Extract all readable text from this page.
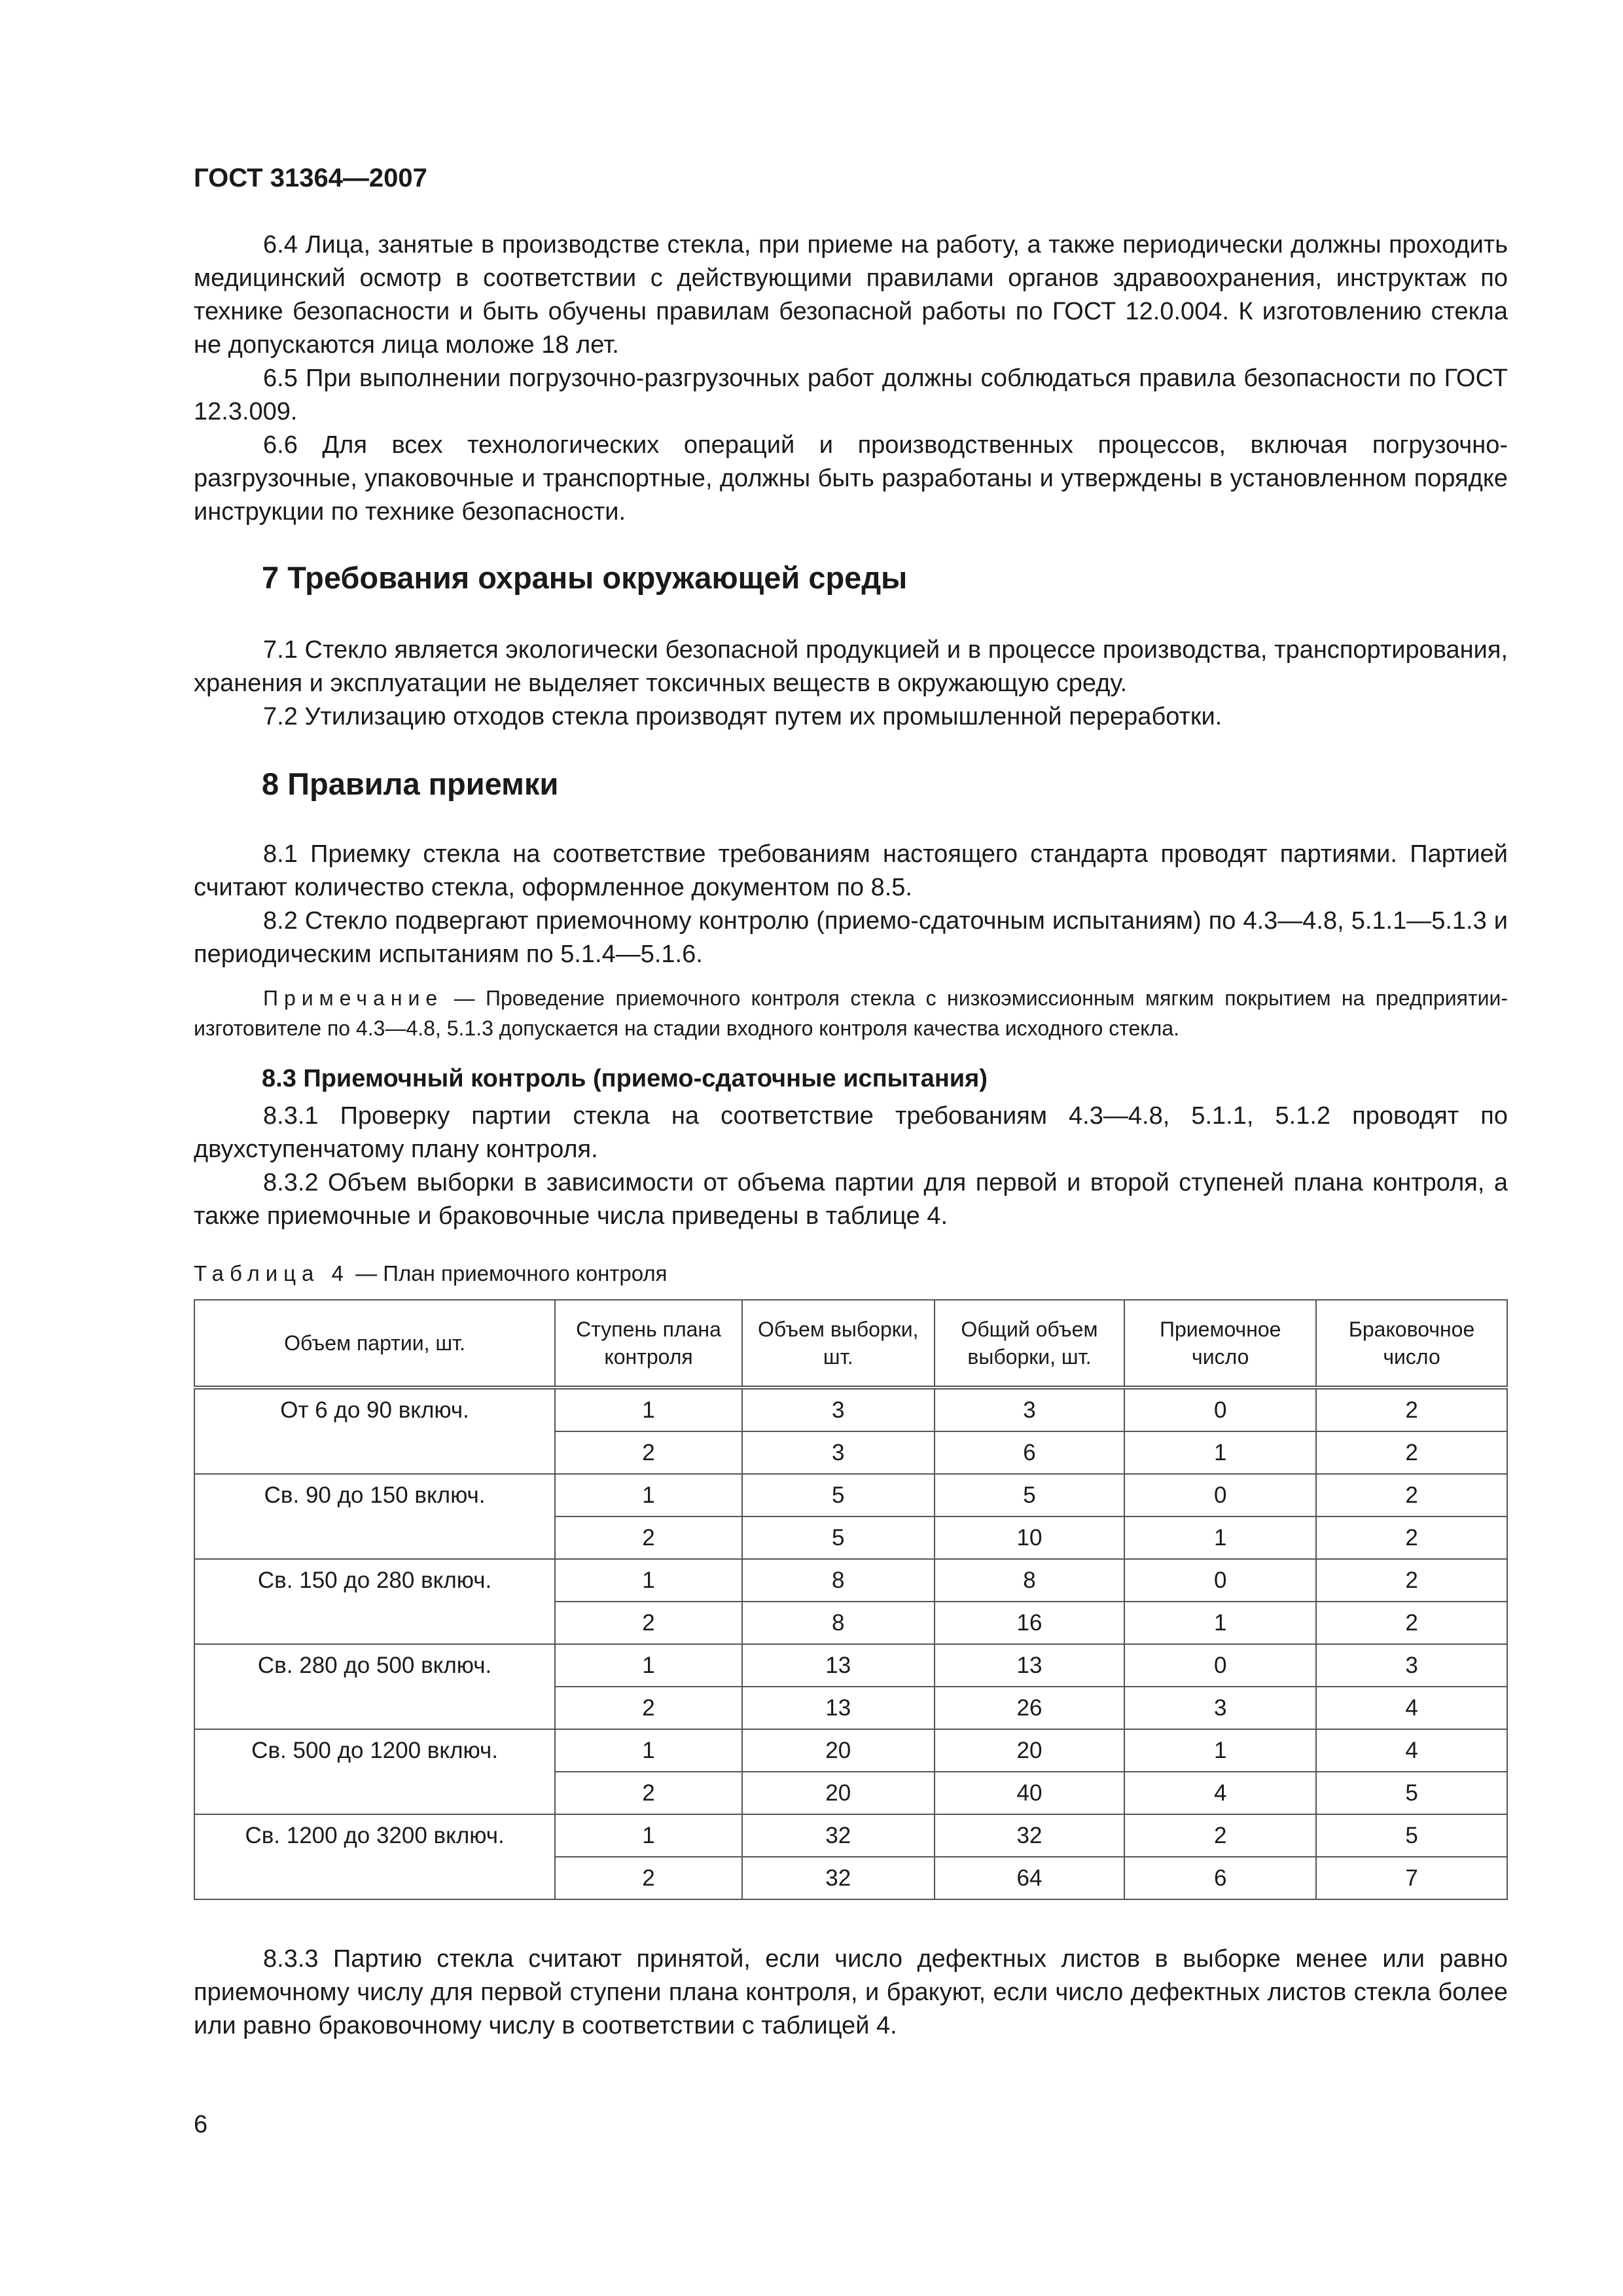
ГОСТ 31364—2007
6.4 Лица, занятые в производстве стекла, при приеме на работу, а также периодически должны проходить медицинский осмотр в соответствии с действующими правилами органов здравоохранения, инструктаж по технике безопасности и быть обучены правилам безопасной работы по ГОСТ 12.0.004. К изготовлению стекла не допускаются лица моложе 18 лет.
6.5 При выполнении погрузочно-разгрузочных работ должны соблюдаться правила безопасности по ГОСТ 12.3.009.
6.6 Для всех технологических операций и производственных процессов, включая погрузочно-разгрузочные, упаковочные и транспортные, должны быть разработаны и утверждены в установленном порядке инструкции по технике безопасности.
7 Требования охраны окружающей среды
7.1 Стекло является экологически безопасной продукцией и в процессе производства, транспортирования, хранения и эксплуатации не выделяет токсичных веществ в окружающую среду.
7.2 Утилизацию отходов стекла производят путем их промышленной переработки.
8 Правила приемки
8.1 Приемку стекла на соответствие требованиям настоящего стандарта проводят партиями. Партией считают количество стекла, оформленное документом по 8.5.
8.2 Стекло подвергают приемочному контролю (приемо-сдаточным испытаниям) по 4.3—4.8, 5.1.1—5.1.3 и периодическим испытаниям по 5.1.4—5.1.6.
Примечание — Проведение приемочного контроля стекла с низкоэмиссионным мягким покрытием на предприятии-изготовителе по 4.3—4.8, 5.1.3 допускается на стадии входного контроля качества исходного стекла.
8.3 Приемочный контроль (приемо-сдаточные испытания)
8.3.1 Проверку партии стекла на соответствие требованиям 4.3—4.8, 5.1.1, 5.1.2 проводят по двухступенчатому плану контроля.
8.3.2 Объем выборки в зависимости от объема партии для первой и второй ступеней плана контроля, а также приемочные и браковочные числа приведены в таблице 4.
Таблица 4 — План приемочного контроля
Объем партии, шт.	Ступень плана контроля	Объем выборки, шт.	Общий объем выборки, шт.	Приемочное число	Браковочное число
От 6 до 90 включ.	1	3	3	0	2
	2	3	6	1	2
Св. 90 до 150 включ.	1	5	5	0	2
	2	5	10	1	2
Св. 150 до 280 включ.	1	8	8	0	2
	2	8	16	1	2
Св. 280 до 500 включ.	1	13	13	0	3
	2	13	26	3	4
Св. 500 до 1200 включ.	1	20	20	1	4
	2	20	40	4	5
Св. 1200 до 3200 включ.	1	32	32	2	5
	2	32	64	6	7
8.3.3 Партию стекла считают принятой, если число дефектных листов в выборке менее или равно приемочному числу для первой ступени плана контроля, и бракуют, если число дефектных листов стекла более или равно браковочному числу в соответствии с таблицей 4.
6
